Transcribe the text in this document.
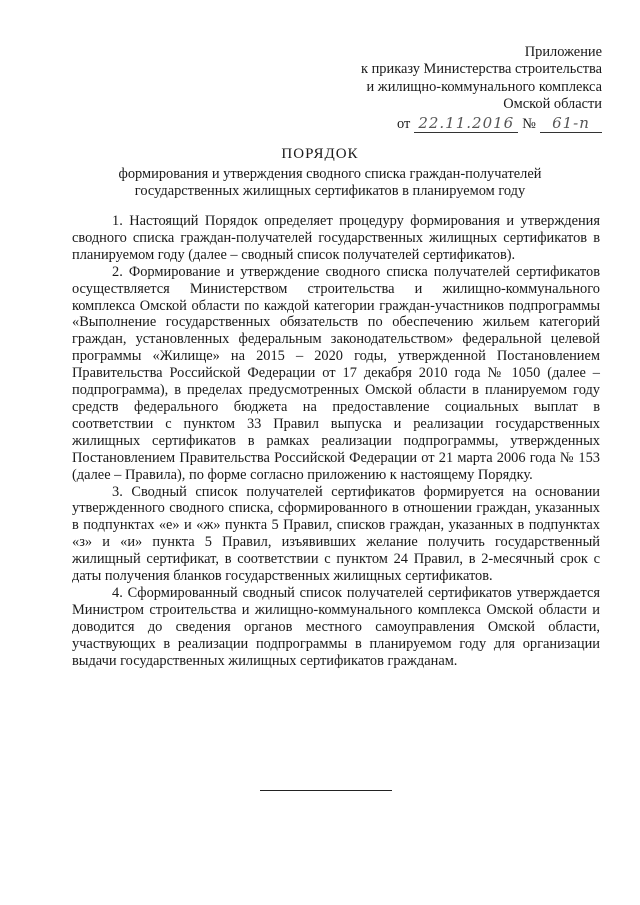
Приложение
к приказу Министерства строительства
и жилищно-коммунального комплекса
Омской области
от 22.11.2016 №	61-п
ПОРЯДОК
формирования и утверждения сводного списка граждан-получателей
государственных жилищных сертификатов в планируемом году

1. Настоящий Порядок определяет процедуру формирования и утверждения сводного списка граждан-получателей государственных жилищных сертификатов в планируемом году (далее – сводный список получателей сертификатов).

2. Формирование и утверждение сводного списка получателей сертификатов осуществляется Министерством строительства и жилищно-коммунального комплекса Омской области по каждой категории граждан-участников подпрограммы «Выполнение государственных обязательств по обеспечению жильем категорий граждан, установленных федеральным законодательством» федеральной целевой программы «Жилище» на 2015 – 2020 годы, утвержденной Постановлением Правительства Российской Федерации от 17 декабря 2010 года № 1050 (далее – подпрограмма), в пределах предусмотренных Омской области в планируемом году средств федерального бюджета на предоставление социальных выплат в соответствии с пунктом 33 Правил выпуска и реализации государственных жилищных сертификатов в рамках реализации подпрограммы, утвержденных Постановлением Правительства Российской Федерации от 21 марта 2006 года № 153 (далее – Правила), по форме согласно приложению к настоящему Порядку.

3. Сводный список получателей сертификатов формируется на основании утвержденного сводного списка, сформированного в отношении граждан, указанных в подпунктах «е» и «ж» пункта 5 Правил, списков граждан, указанных в подпунктах «з» и «и» пункта 5 Правил, изъявивших желание получить государственный жилищный сертификат, в соответствии с пунктом 24 Правил, в 2-месячный срок с даты получения бланков государственных жилищных сертификатов.

4. Сформированный сводный список получателей сертификатов утверждается Министром строительства и жилищно-коммунального комплекса Омской области и доводится до сведения органов местного самоуправления Омской области, участвующих в реализации подпрограммы в планируемом году для организации выдачи государственных жилищных сертификатов гражданам.
